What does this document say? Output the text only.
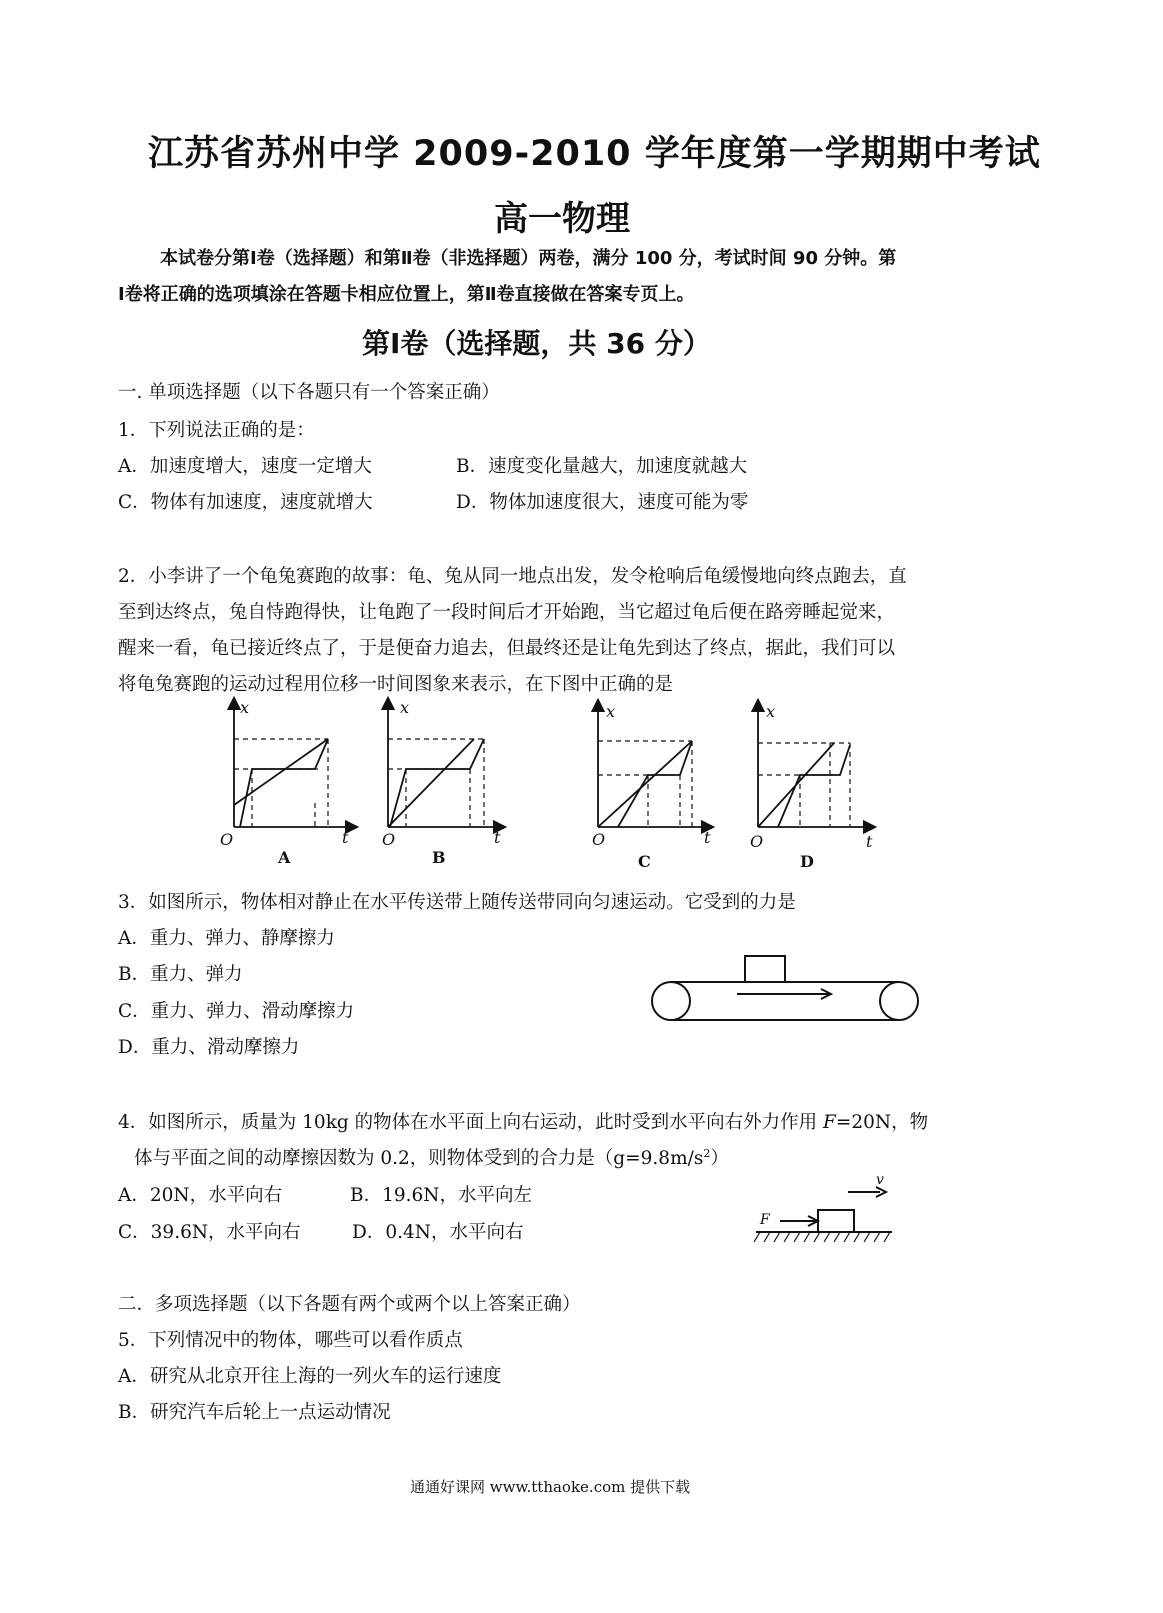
江苏省苏州中学 2009-2010 学年度第一学期期中考试
高一物理
本试卷分第Ⅰ卷（选择题）和第Ⅱ卷（非选择题）两卷，满分 100 分，考试时间 90 分钟。第
Ⅰ卷将正确的选项填涂在答题卡相应位置上，第Ⅱ卷直接做在答案专页上。
第Ⅰ卷（选择题，共 36 分）
一. 单项选择题（以下各题只有一个答案正确）
1．下列说法正确的是：
A．加速度增大，速度一定增大	B．速度变化量越大，加速度就越大
C．物体有加速度，速度就增大	D．物体加速度很大，速度可能为零
2．小李讲了一个龟兔赛跑的故事：龟、兔从同一地点出发，发令枪响后龟缓慢地向终点跑去，直
至到达终点，兔自恃跑得快，让龟跑了一段时间后才开始跑，当它超过龟后便在路旁睡起觉来，
醒来一看，龟已接近终点了，于是便奋力追去，但最终还是让龟先到达了终点，据此，我们可以
将龟兔赛跑的运动过程用位移一时间图象来表示，在下图中正确的是
x
O	t
x
O	t
x
O	t
x
O	t
A	B	C	D
3．如图所示，物体相对静止在水平传送带上随传送带同向匀速运动。它受到的力是
A．重力、弹力、静摩擦力
B．重力、弹力
C．重力、弹力、滑动摩擦力
D．重力、滑动摩擦力
4．如图所示，质量为 10kg 的物体在水平面上向右运动，此时受到水平向右外力作用 F=20N，物
体与平面之间的动摩擦因数为 0.2，则物体受到的合力是$(g=9.8m/s^2)$
A．20N，水平向右	B．19.6N，水平向左
C．39.6N，水平向右	D．0.4N，水平向右
v
F
二．多项选择题（以下各题有两个或两个以上答案正确）
5．下列情况中的物体，哪些可以看作质点
A．研究从北京开往上海的一列火车的运行速度
B．研究汽车后轮上一点运动情况
通通好课网 www.tthaoke.com 提供下载
